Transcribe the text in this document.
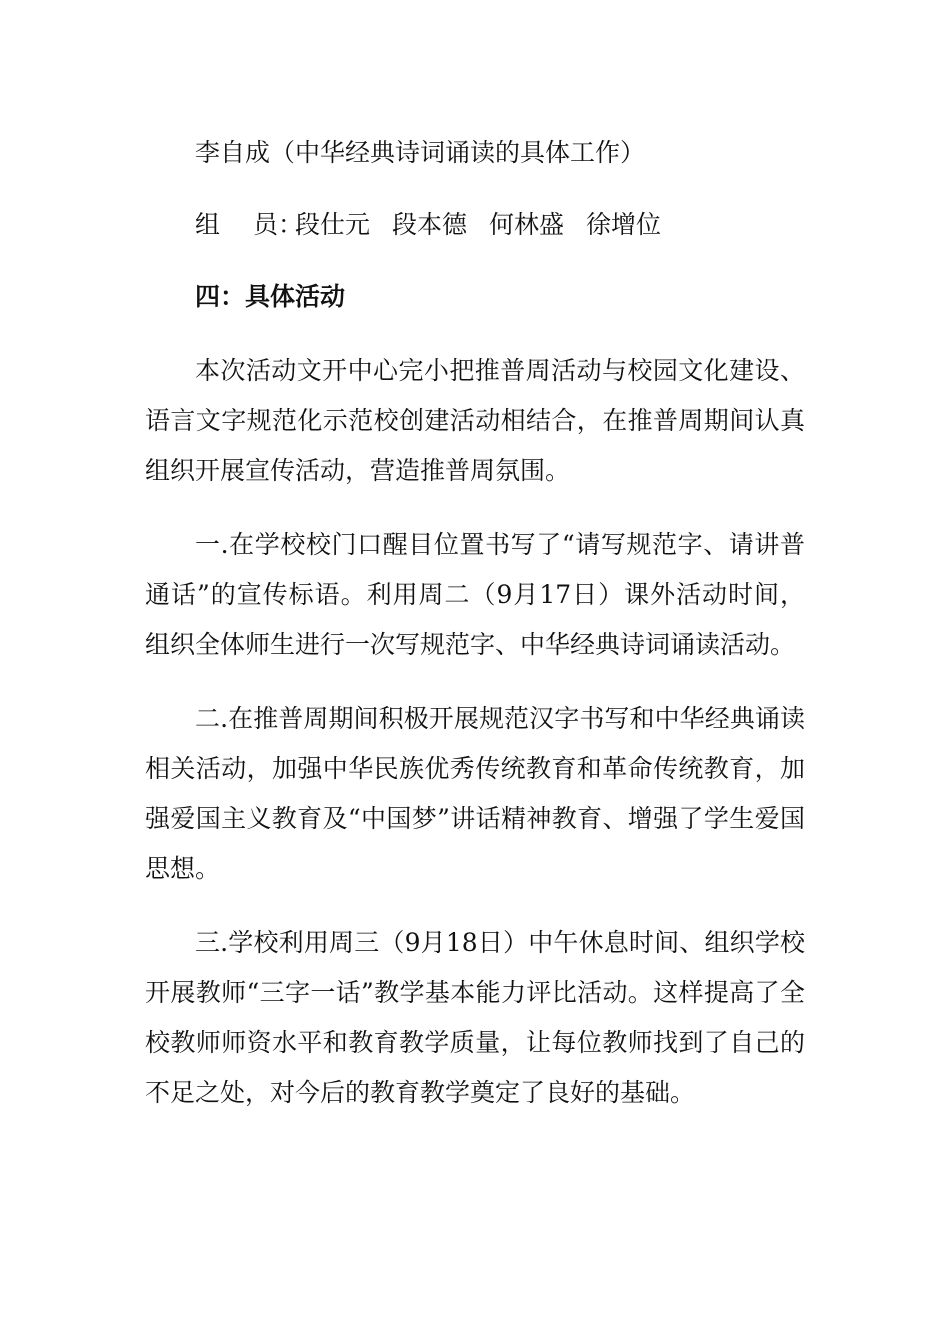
李自成（中华经典诗词诵读的具体工作）

组　 员：段仕元 段本德 何林盛 徐增位

四：具体活动

本次活动文开中心完小把推普周活动与校园文化建设、语言文字规范化示范校创建活动相结合，在推普周期间认真组织开展宣传活动，营造推普周氛围。

一.在学校校门口醒目位置书写了“请写规范字、请讲普通话”的宣传标语。利用周二（9月17日）课外活动时间，组织全体师生进行一次写规范字、中华经典诗词诵读活动。

二.在推普周期间积极开展规范汉字书写和中华经典诵读相关活动，加强中华民族优秀传统教育和革命传统教育，加强爱国主义教育及“中国梦”讲话精神教育、增强了学生爱国思想。

三.学校利用周三（9月18日）中午休息时间、组织学校开展教师“三字一话”教学基本能力评比活动。这样提高了全校教师师资水平和教育教学质量，让每位教师找到了自己的不足之处，对今后的教育教学奠定了良好的基础。
